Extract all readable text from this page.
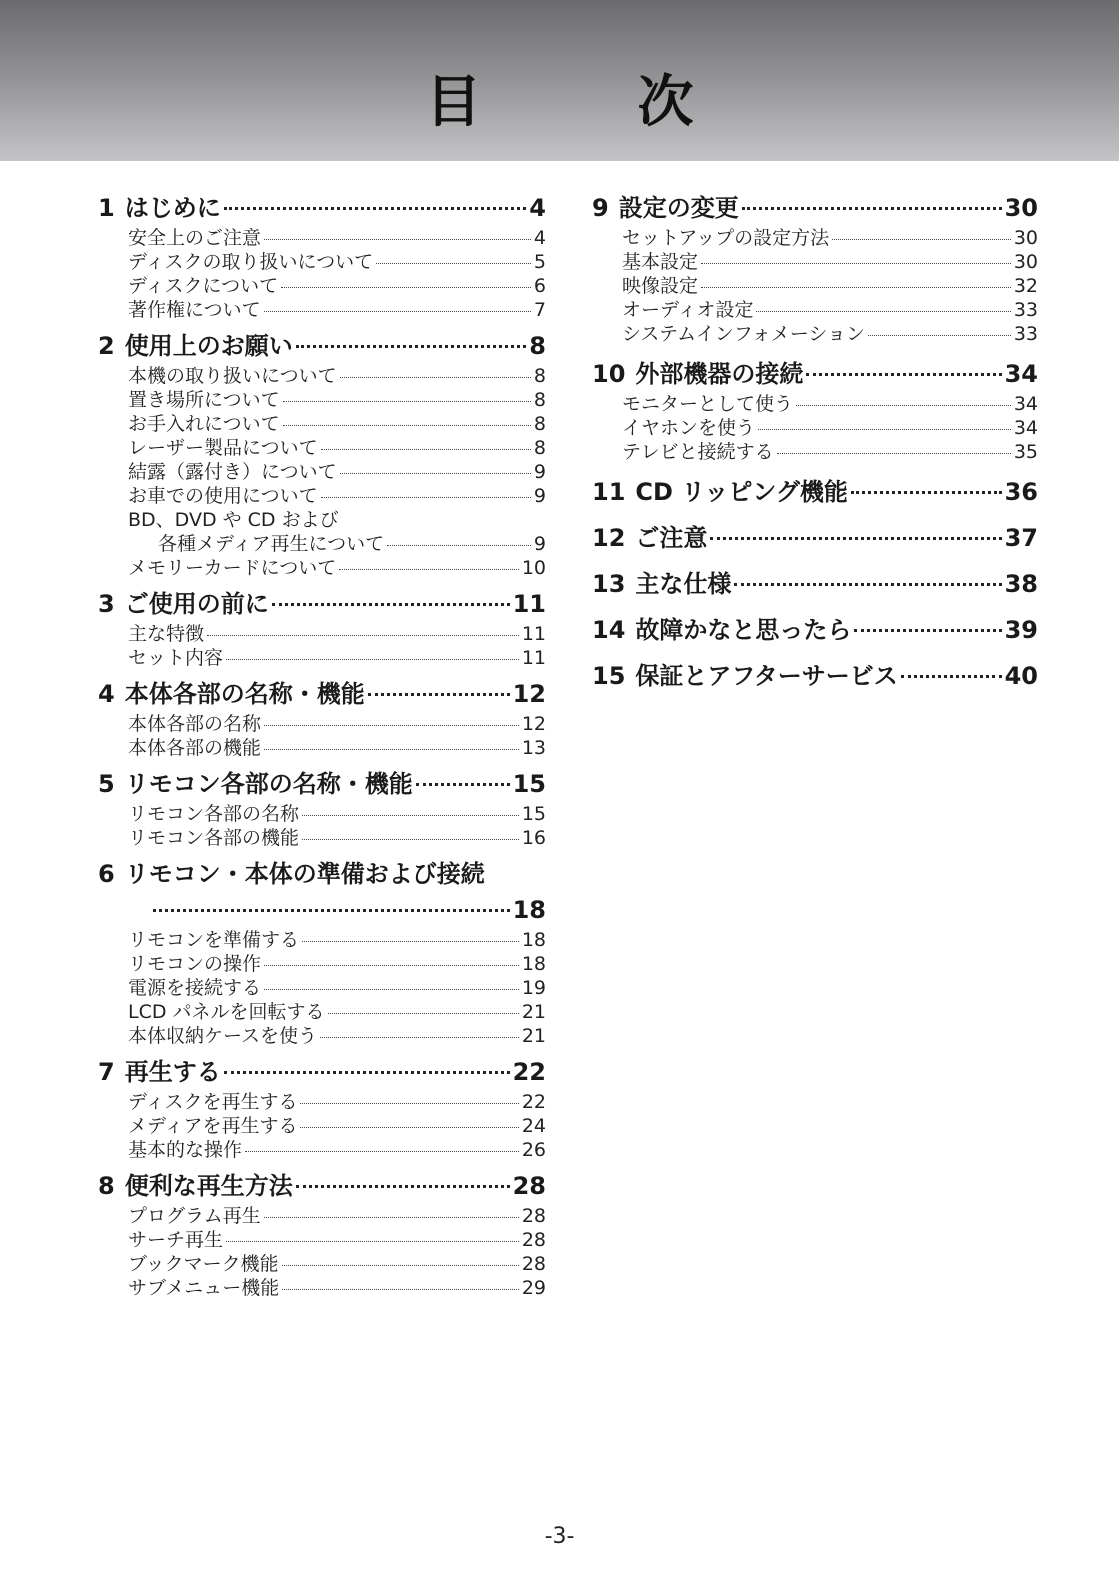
目　次
1 はじめに	4
安全上のご注意	4
ディスクの取り扱いについて	5
ディスクについて	6
著作権について	7
2 使用上のお願い	8
本機の取り扱いについて	8
置き場所について	8
お手入れについて	8
レーザー製品について	8
結露（露付き）について	9
お車での使用について	9
BD、DVD や CD および
各種メディア再生について	9
メモリーカードについて	10
3 ご使用の前に	11
主な特徴	11
セット内容	11
4 本体各部の名称・機能	12
本体各部の名称	12
本体各部の機能	13
5 リモコン各部の名称・機能	15
リモコン各部の名称	15
リモコン各部の機能	16
6 リモコン・本体の準備および接続
18
リモコンを準備する	18
リモコンの操作	18
電源を接続する	19
LCD パネルを回転する	21
本体収納ケースを使う	21
7 再生する	22
ディスクを再生する	22
メディアを再生する	24
基本的な操作	26
8 便利な再生方法	28
プログラム再生	28
サーチ再生	28
ブックマーク機能	28
サブメニュー機能	29
9 設定の変更	30
セットアップの設定方法	30
基本設定	30
映像設定	32
オーディオ設定	33
システムインフォメーション	33
10 外部機器の接続	34
モニターとして使う	34
イヤホンを使う	34
テレビと接続する	35
11 CD リッピング機能	36
12 ご注意	37
13 主な仕様	38
14 故障かなと思ったら	39
15 保証とアフターサービス	40
-3-
